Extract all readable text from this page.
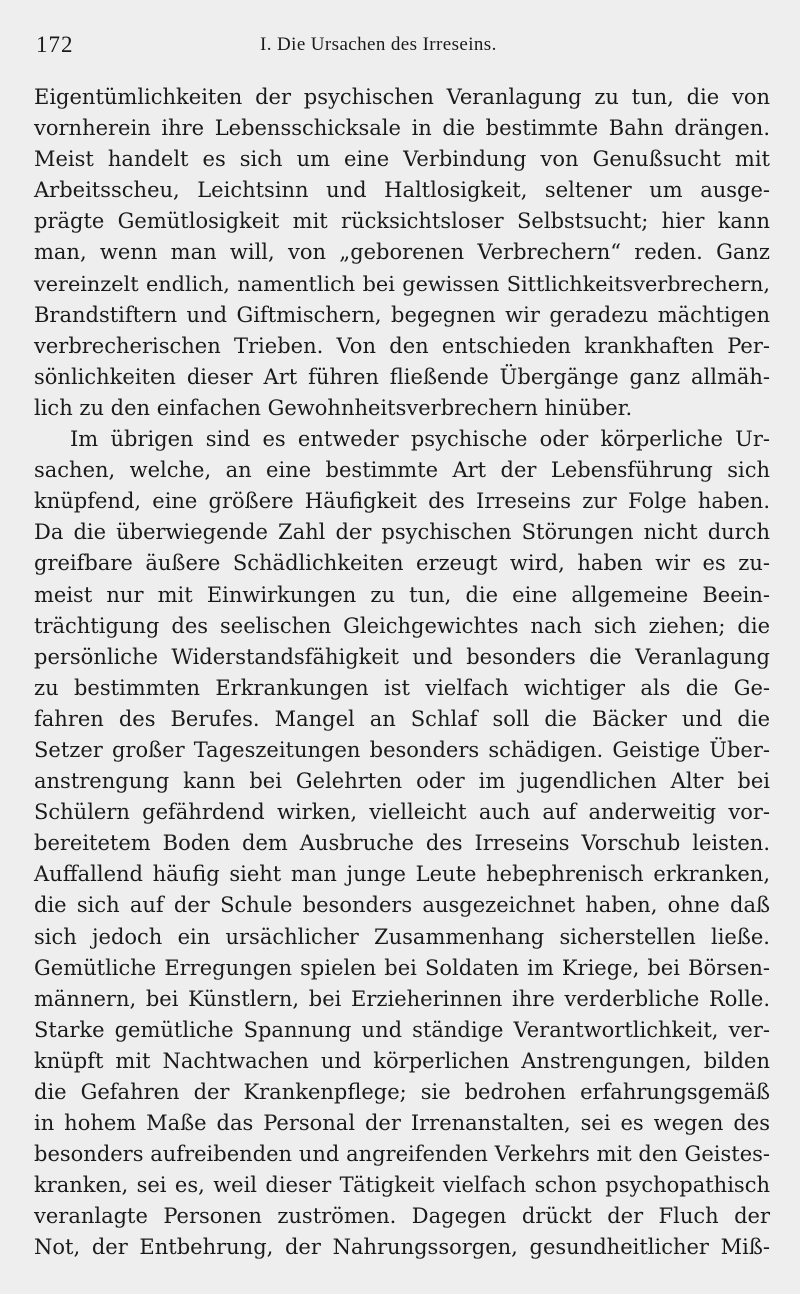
172	I. Die Ursachen des Irreseins.
Eigentümlichkeiten der psychischen Veranlagung zu tun, die von
vornherein ihre Lebensschicksale in die bestimmte Bahn drängen.
Meist handelt es sich um eine Verbindung von Genußsucht mit
Arbeitsscheu, Leichtsinn und Haltlosigkeit, seltener um ausge-
prägte Gemütlosigkeit mit rücksichtsloser Selbstsucht; hier kann
man, wenn man will, von „geborenen Verbrechern“ reden. Ganz
vereinzelt endlich, namentlich bei gewissen Sittlichkeitsverbrechern,
Brandstiftern und Giftmischern, begegnen wir geradezu mächtigen
verbrecherischen Trieben. Von den entschieden krankhaften Per-
sönlichkeiten dieser Art führen fließende Übergänge ganz allmäh-
lich zu den einfachen Gewohnheitsverbrechern hinüber.
Im übrigen sind es entweder psychische oder körperliche Ur-
sachen, welche, an eine bestimmte Art der Lebensführung sich
knüpfend, eine größere Häufigkeit des Irreseins zur Folge haben.
Da die überwiegende Zahl der psychischen Störungen nicht durch
greifbare äußere Schädlichkeiten erzeugt wird, haben wir es zu-
meist nur mit Einwirkungen zu tun, die eine allgemeine Beein-
trächtigung des seelischen Gleichgewichtes nach sich ziehen; die
persönliche Widerstandsfähigkeit und besonders die Veranlagung
zu bestimmten Erkrankungen ist vielfach wichtiger als die Ge-
fahren des Berufes. Mangel an Schlaf soll die Bäcker und die
Setzer großer Tageszeitungen besonders schädigen. Geistige Über-
anstrengung kann bei Gelehrten oder im jugendlichen Alter bei
Schülern gefährdend wirken, vielleicht auch auf anderweitig vor-
bereitetem Boden dem Ausbruche des Irreseins Vorschub leisten.
Auffallend häufig sieht man junge Leute hebephrenisch erkranken,
die sich auf der Schule besonders ausgezeichnet haben, ohne daß
sich jedoch ein ursächlicher Zusammenhang sicherstellen ließe.
Gemütliche Erregungen spielen bei Soldaten im Kriege, bei Börsen-
männern, bei Künstlern, bei Erzieherinnen ihre verderbliche Rolle.
Starke gemütliche Spannung und ständige Verantwortlichkeit, ver-
knüpft mit Nachtwachen und körperlichen Anstrengungen, bilden
die Gefahren der Krankenpflege; sie bedrohen erfahrungsgemäß
in hohem Maße das Personal der Irrenanstalten, sei es wegen des
besonders aufreibenden und angreifenden Verkehrs mit den Geistes-
kranken, sei es, weil dieser Tätigkeit vielfach schon psychopathisch
veranlagte Personen zuströmen. Dagegen drückt der Fluch der
Not, der Entbehrung, der Nahrungssorgen, gesundheitlicher Miß-
